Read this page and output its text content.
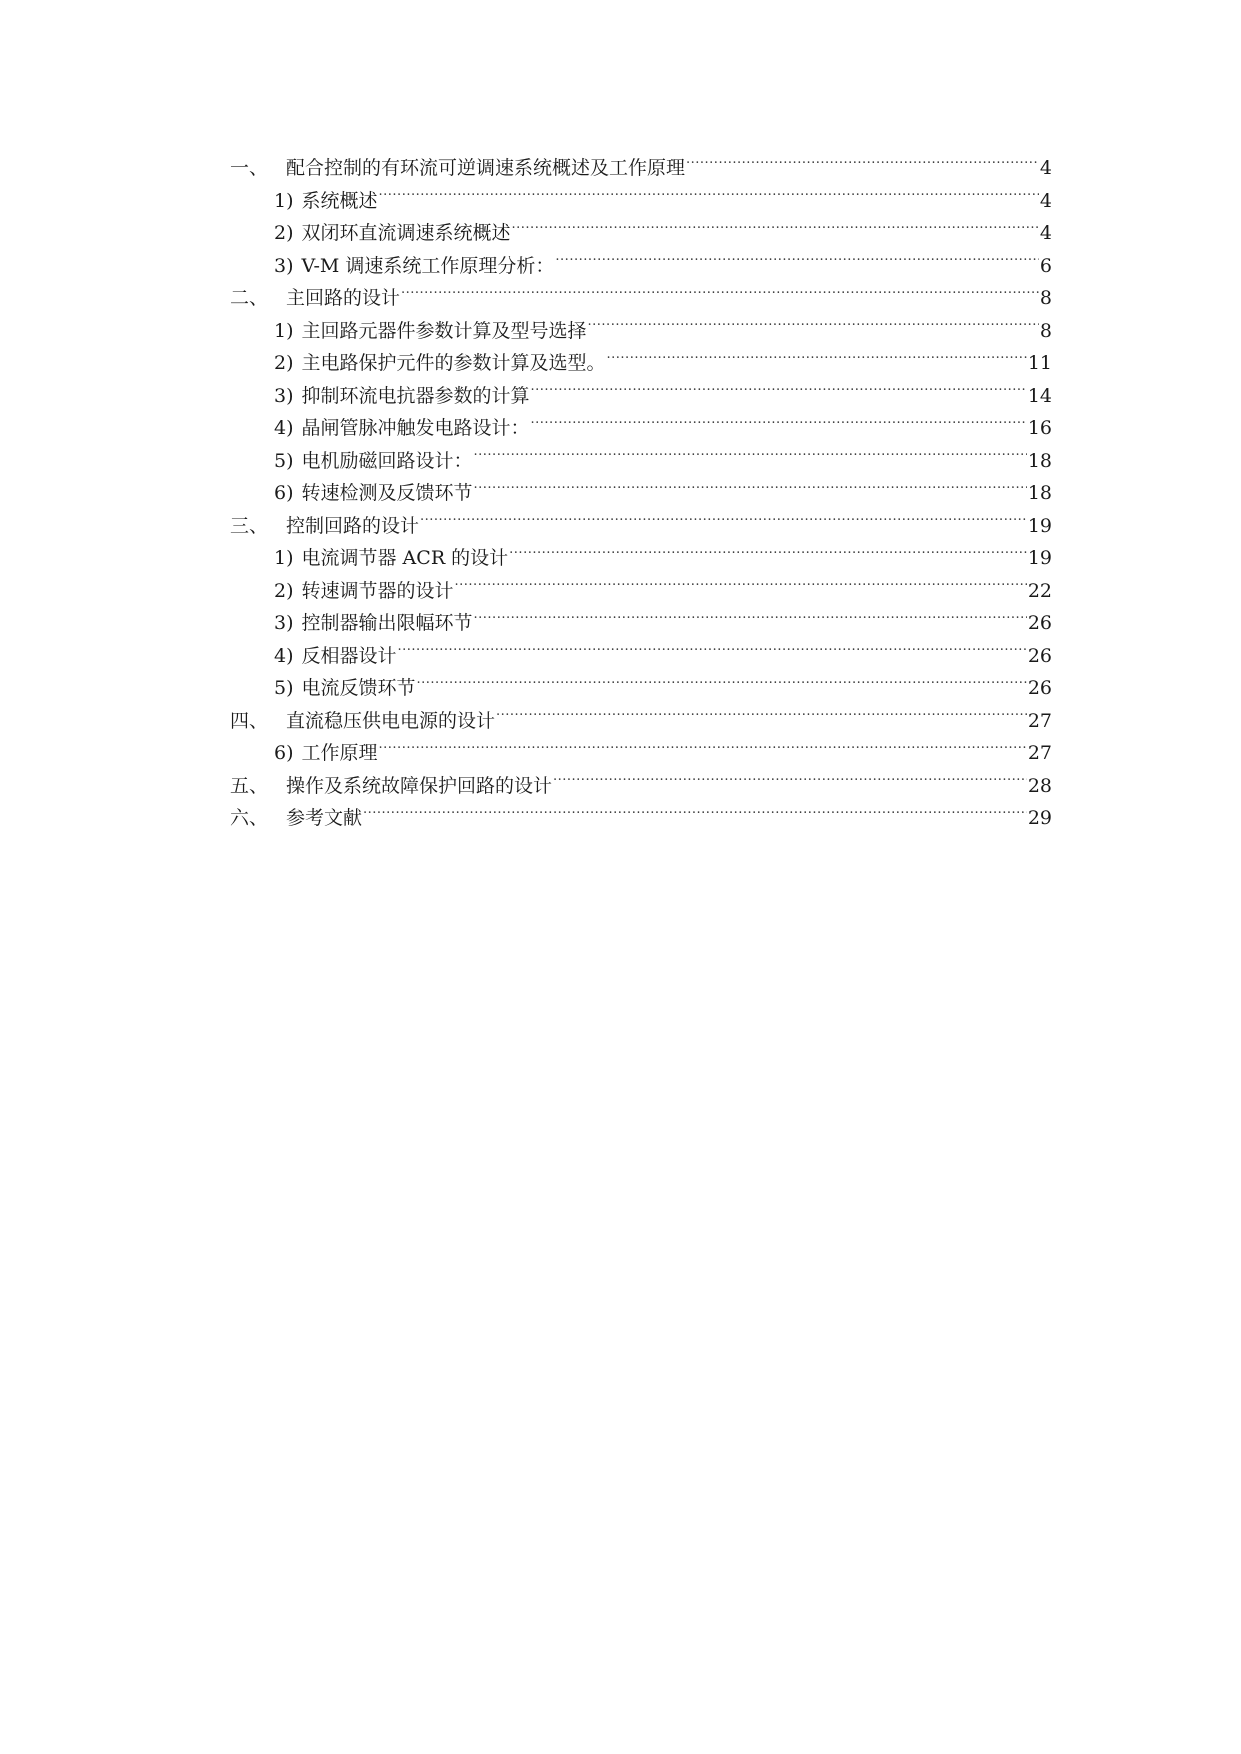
一、 配合控制的有环流可逆调速系统概述及工作原理 .....	4
1) 系统概述 .....	4
2) 双闭环直流调速系统概述 .....	4
3) V-M 调速系统工作原理分析： .....	6
二、 主回路的设计 .....	8
1) 主回路元器件参数计算及型号选择 .....	8
2) 主电路保护元件的参数计算及选型。 .....	11
3) 抑制环流电抗器参数的计算 .....	14
4) 晶闸管脉冲触发电路设计： .....	16
5) 电机励磁回路设计： .....	18
6) 转速检测及反馈环节 .....	18
三、 控制回路的设计 .....	19
1) 电流调节器 ACR 的设计 .....	19
2) 转速调节器的设计 .....	22
3) 控制器输出限幅环节 .....	26
4) 反相器设计 .....	26
5) 电流反馈环节 .....	26
四、 直流稳压供电电源的设计 .....	27
6) 工作原理 .....	27
五、 操作及系统故障保护回路的设计 .....	28
六、 参考文献 .....	29
